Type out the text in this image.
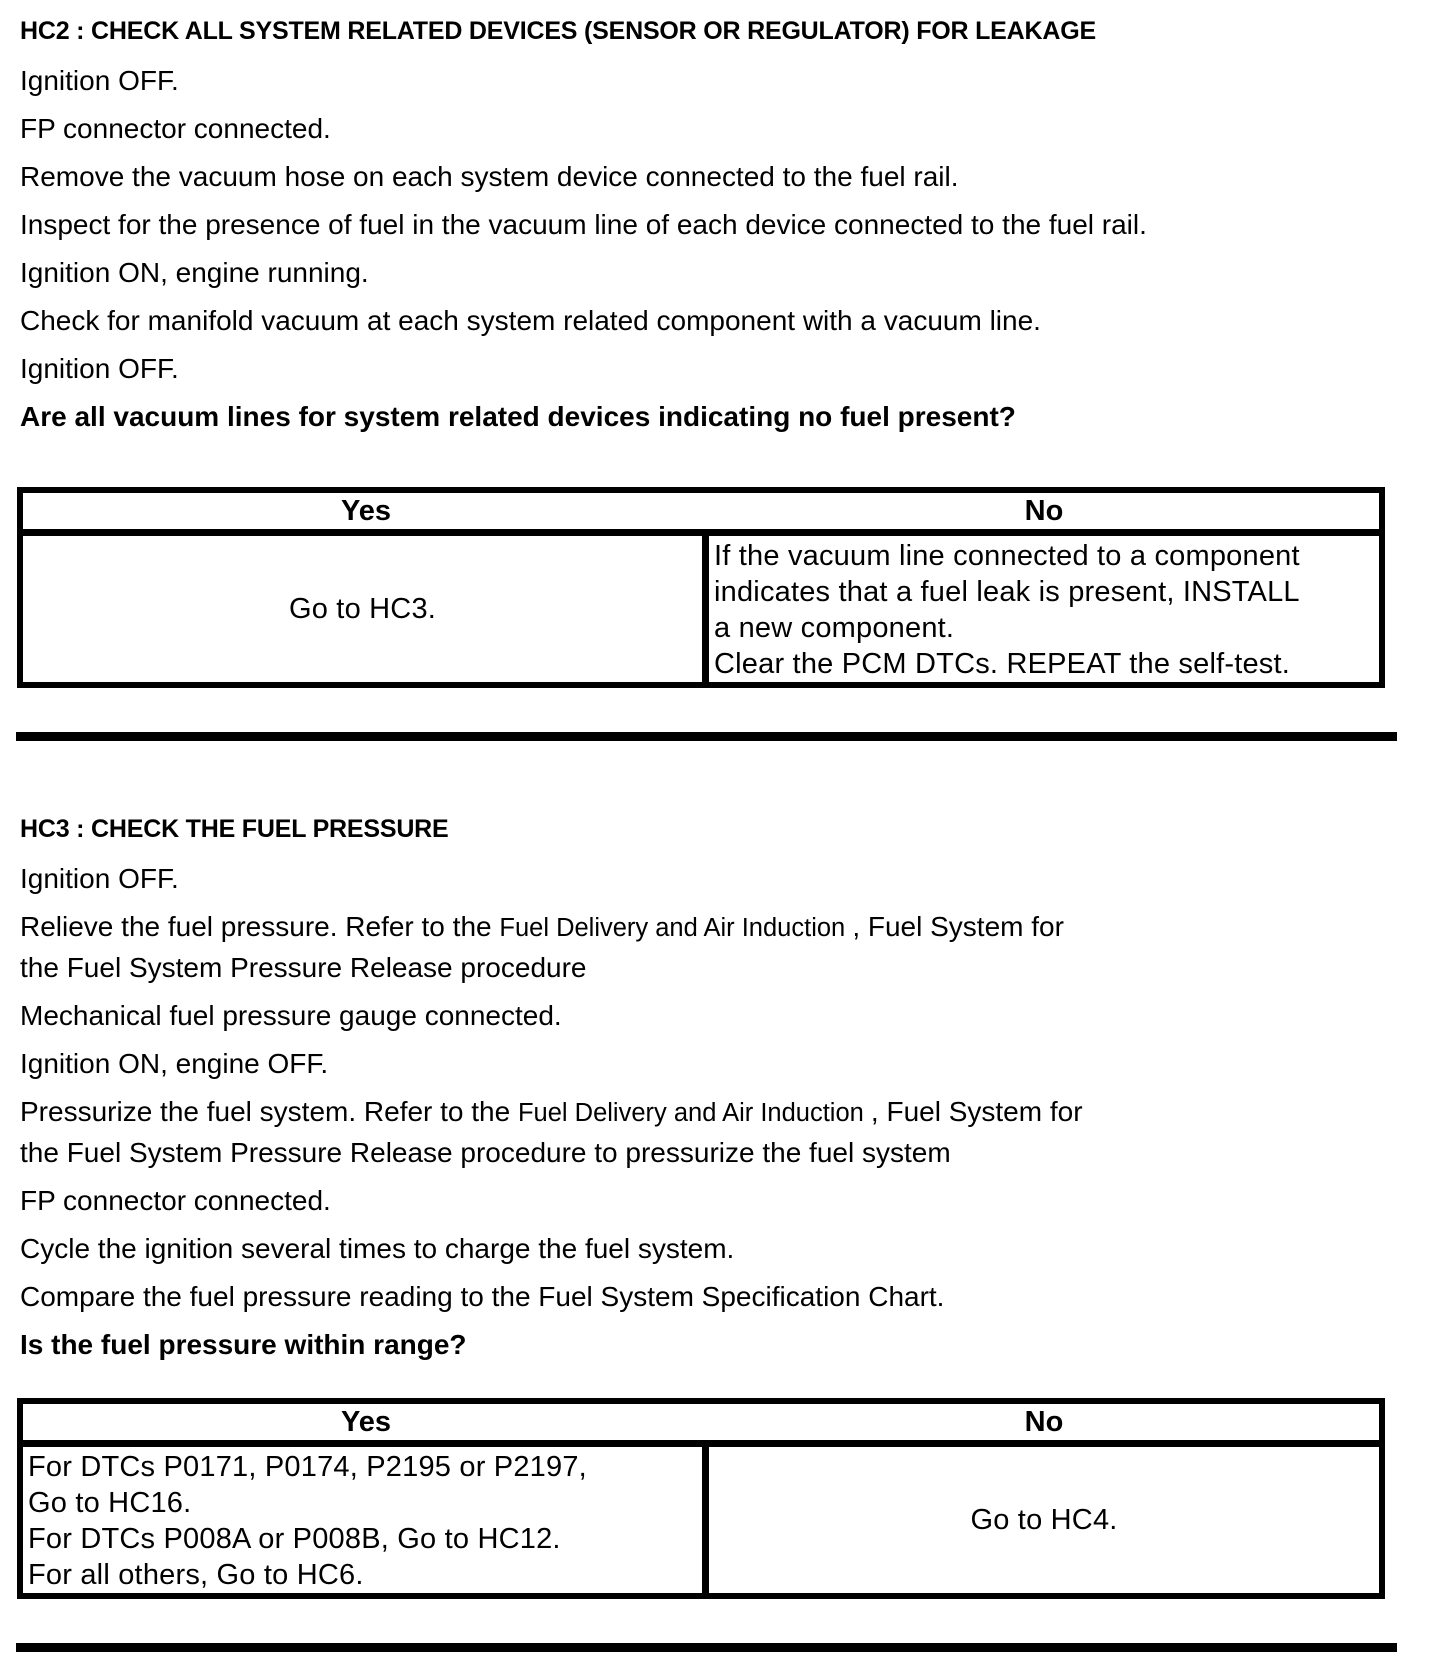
HC2 : CHECK ALL SYSTEM RELATED DEVICES (SENSOR OR REGULATOR) FOR LEAKAGE
Ignition OFF.
FP connector connected.
Remove the vacuum hose on each system device connected to the fuel rail.
Inspect for the presence of fuel in the vacuum line of each device connected to the fuel rail.
Ignition ON, engine running.
Check for manifold vacuum at each system related component with a vacuum line.
Ignition OFF.
Are all vacuum lines for system related devices indicating no fuel present?
Yes	No
Go to HC3.
If the vacuum line connected to a component
indicates that a fuel leak is present, INSTALL
a new component.
Clear the PCM DTCs. REPEAT the self-test.
HC3 : CHECK THE FUEL PRESSURE
Ignition OFF.
Relieve the fuel pressure. Refer to the Fuel Delivery and Air Induction , Fuel System for
the Fuel System Pressure Release procedure
Mechanical fuel pressure gauge connected.
Ignition ON, engine OFF.
Pressurize the fuel system. Refer to the Fuel Delivery and Air Induction , Fuel System for
the Fuel System Pressure Release procedure to pressurize the fuel system
FP connector connected.
Cycle the ignition several times to charge the fuel system.
Compare the fuel pressure reading to the Fuel System Specification Chart.
Is the fuel pressure within range?
Yes	No
For DTCs P0171, P0174, P2195 or P2197,
Go to HC16.
For DTCs P008A or P008B, Go to HC12.
For all others, Go to HC6.
Go to HC4.
